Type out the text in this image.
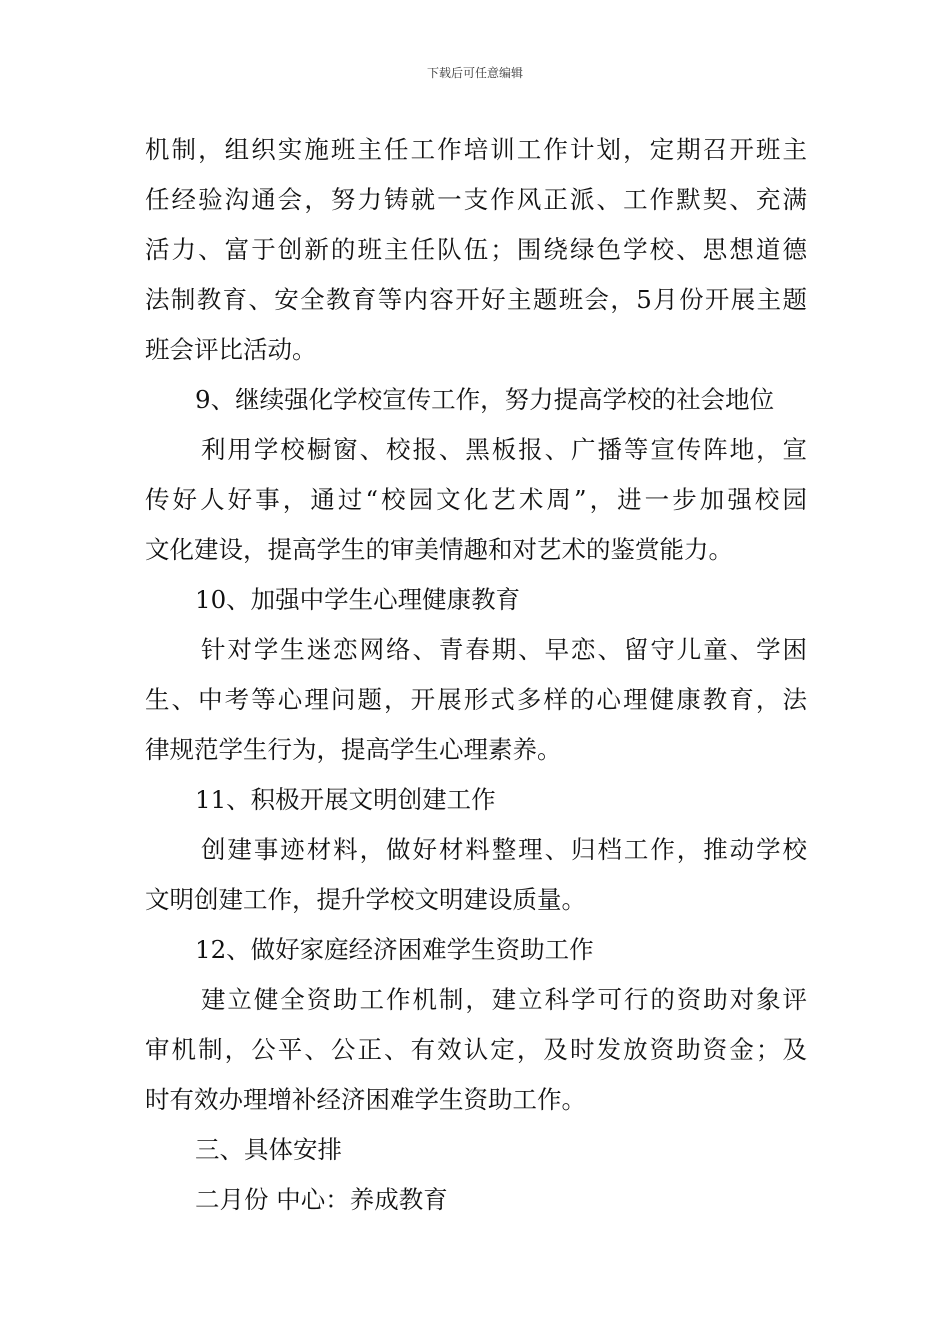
下载后可任意编辑
机制，组织实施班主任工作培训工作计划，定期召开班主
任经验沟通会，努力铸就一支作风正派、工作默契、充满
活力、富于创新的班主任队伍；围绕绿色学校、思想道德
法制教育、安全教育等内容开好主题班会，5月份开展主题
班会评比活动。
9、继续强化学校宣传工作，努力提高学校的社会地位
利用学校橱窗、校报、黑板报、广播等宣传阵地，宣
传好人好事，通过“校园文化艺术周”，进一步加强校园
文化建设，提高学生的审美情趣和对艺术的鉴赏能力。
10、加强中学生心理健康教育
针对学生迷恋网络、青春期、早恋、留守儿童、学困
生、中考等心理问题，开展形式多样的心理健康教育，法
律规范学生行为，提高学生心理素养。
11、积极开展文明创建工作
创建事迹材料，做好材料整理、归档工作，推动学校
文明创建工作，提升学校文明建设质量。
12、做好家庭经济困难学生资助工作
建立健全资助工作机制，建立科学可行的资助对象评
审机制，公平、公正、有效认定，及时发放资助资金；及
时有效办理增补经济困难学生资助工作。
三、具体安排
二月份 中心：养成教育
